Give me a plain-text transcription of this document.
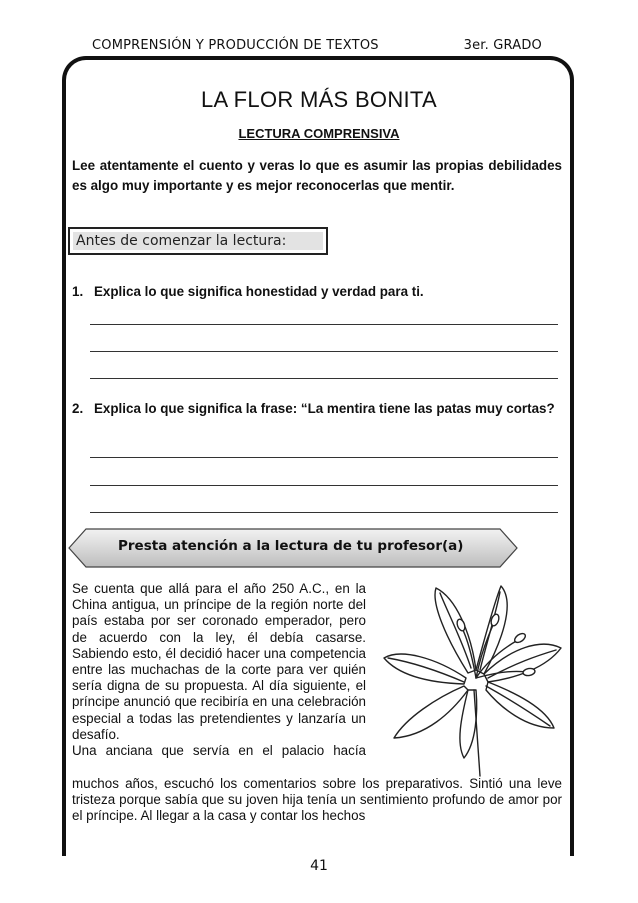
COMPRENSIÓN Y PRODUCCIÓN DE TEXTOS	3er. GRADO
LA FLOR MÁS BONITA
LECTURA COMPRENSIVA
Lee atentamente el cuento y veras lo que es asumir las propias debilidades es algo muy importante y es mejor reconocerlas que mentir.
Antes de comenzar la lectura:
1. Explica lo que significa honestidad y verdad para ti.
2. Explica lo que significa la frase: “La mentira tiene las patas muy cortas?
Presta atención a la lectura de tu profesor(a)

Se cuenta que allá para el año 250 A.C., en la China antigua, un príncipe de la región norte del país estaba por ser coronado emperador, pero de acuerdo con la ley, él debía casarse. Sabiendo esto, él decidió hacer una competencia entre las muchachas de la corte para ver quién sería digna de su propuesta. Al día siguiente, el príncipe anunció que recibiría en una celebración especial a todas las pretendientes y lanzaría un desafío.

Una anciana que servía en el palacio hacía

muchos años, escuchó los comentarios sobre los preparativos. Sintió una leve tristeza porque sabía que su joven hija tenía un sentimiento profundo de amor por el príncipe. Al llegar a la casa y contar los hechos

41
